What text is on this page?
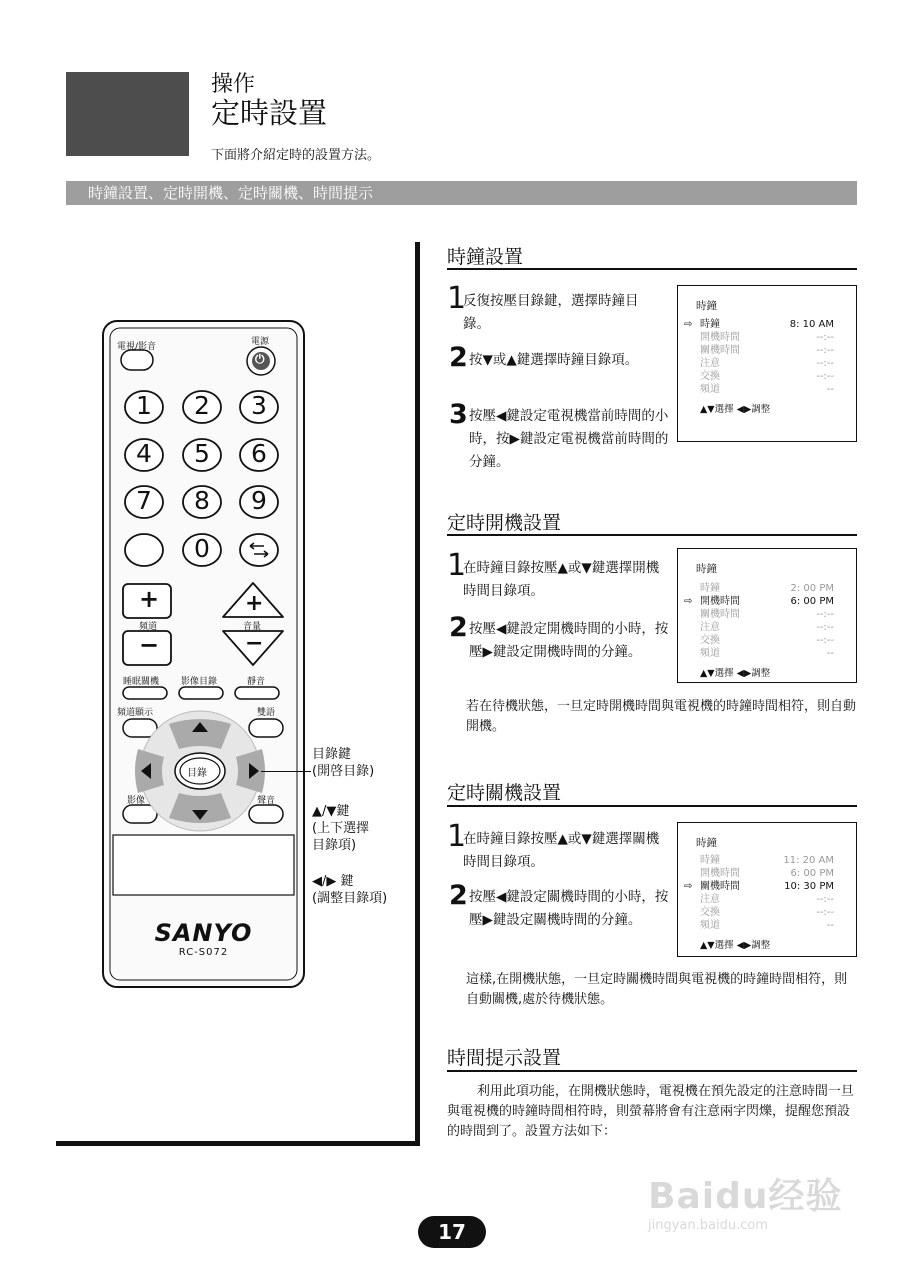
操作
定時設置
下面將介紹定時的設置方法。
時鐘設置、定時開機、定時關機、時間提示
電視/影音	電源
⏻
1 2 3
4 5 6
7 8 9
0
+
−
+
−
頻道	音量
睡眠關機 影像目錄	靜音
頻道顯示	雙語
目錄
影像	聲音
SANYO
RC-S072
目錄鍵
(開啓目錄)
▲/▼鍵
(上下選擇
目錄項)
◀/▶ 鍵
(調整目錄項)
時鐘設置
1
反復按壓目錄鍵，選擇時鐘目錄。
2 按▼或▲鍵選擇時鐘目錄項。
3 按壓◀鍵設定電視機當前時間的小時，按▶鍵設定電視機當前時間的分鐘。
時鐘
⇨ 時鐘	8: 10 AM
開機時間	--:--
關機時間	--:--
注意	--:--
交換	--:--
頻道	--
▲▼選擇 ◀▶調整
定時開機設置
1
在時鐘目錄按壓▲或▼鍵選擇開機時間目錄項。
2 按壓◀鍵設定開機時間的小時，按壓▶鍵設定開機時間的分鐘。
時鐘
時鐘	2: 00 PM
⇨ 開機時間	6: 00 PM
關機時間	--:--
注意	--:--
交換	--:--
頻道	--
▲▼選擇 ◀▶調整
若在待機狀態，一旦定時開機時間與電視機的時鐘時間相符，則自動開機。
定時關機設置
1
在時鐘目錄按壓▲或▼鍵選擇關機時間目錄項。
2 按壓◀鍵設定關機時間的小時，按壓▶鍵設定關機時間的分鐘。
時鐘
時鐘	11: 20 AM
開機時間	6: 00 PM
⇨ 關機時間	10: 30 PM
注意	--:--
交換	--:--
頻道	--
▲▼選擇 ◀▶調整
這樣,在開機狀態，一旦定時關機時間與電視機的時鐘時間相符，則自動關機,處於待機狀態。
時間提示設置
利用此項功能，在開機狀態時，電視機在預先設定的注意時間一旦與電視機的時鐘時間相符時，則螢幕將會有注意兩字閃爍，提醒您預設的時間到了。設置方法如下：
17
Baidu经验
jingyan.baidu.com
